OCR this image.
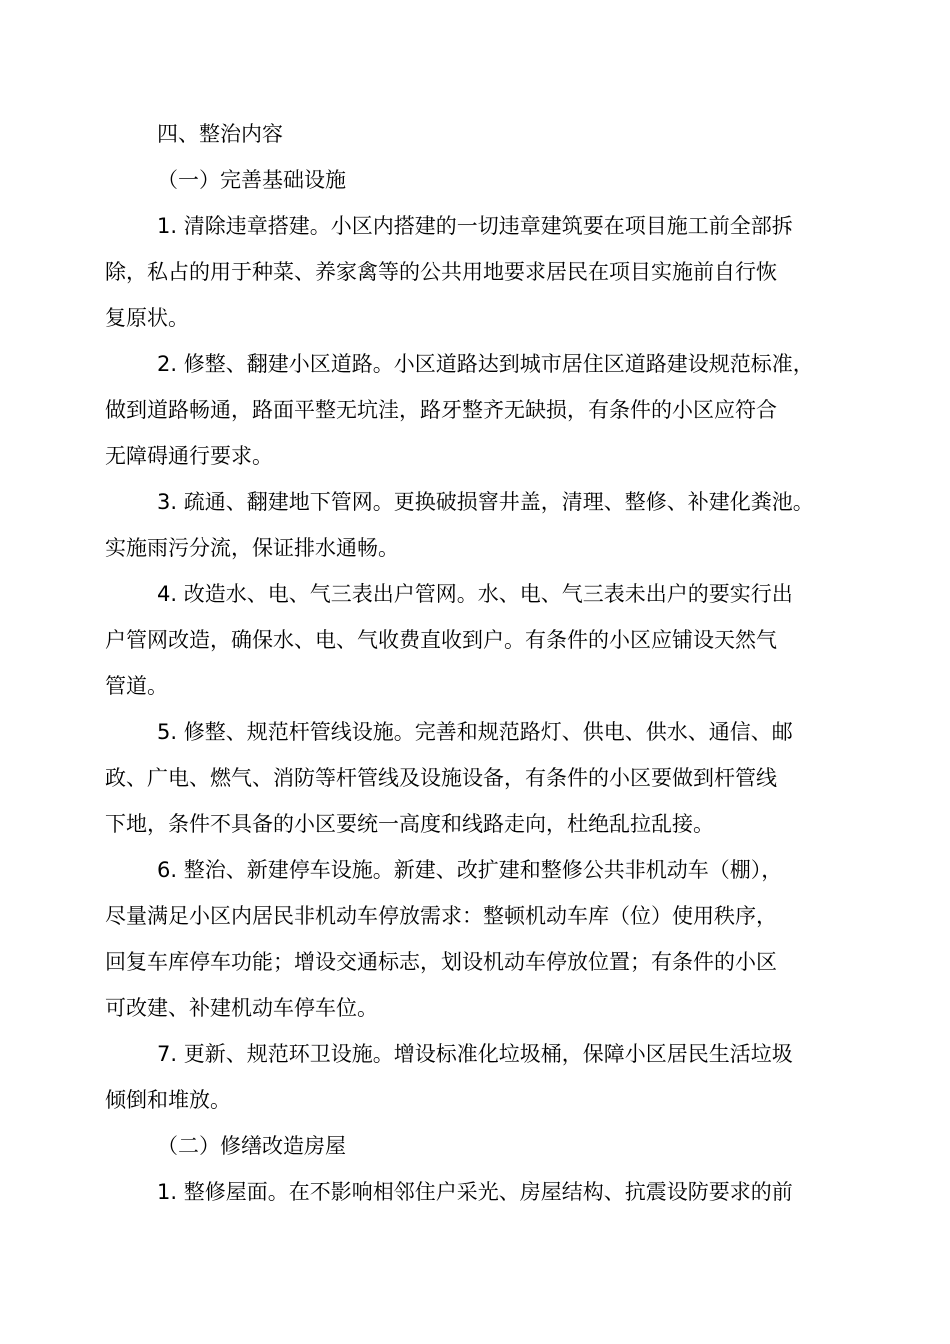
四、整治内容
（一）完善基础设施
1. 清除违章搭建。小区内搭建的一切违章建筑要在项目施工前全部拆
除，私占的用于种菜、养家禽等的公共用地要求居民在项目实施前自行恢
复原状。
2. 修整、翻建小区道路。小区道路达到城市居住区道路建设规范标准，
做到道路畅通，路面平整无坑洼，路牙整齐无缺损，有条件的小区应符合
无障碍通行要求。
3. 疏通、翻建地下管网。更换破损窨井盖，清理、整修、补建化粪池。
实施雨污分流，保证排水通畅。
4. 改造水、电、气三表出户管网。水、电、气三表未出户的要实行出
户管网改造，确保水、电、气收费直收到户。有条件的小区应铺设天然气
管道。
5. 修整、规范杆管线设施。完善和规范路灯、供电、供水、通信、邮
政、广电、燃气、消防等杆管线及设施设备，有条件的小区要做到杆管线
下地，条件不具备的小区要统一高度和线路走向，杜绝乱拉乱接。
6. 整治、新建停车设施。新建、改扩建和整修公共非机动车（棚），
尽量满足小区内居民非机动车停放需求：整顿机动车库（位）使用秩序，
回复车库停车功能；增设交通标志，划设机动车停放位置；有条件的小区
可改建、补建机动车停车位。
7. 更新、规范环卫设施。增设标准化垃圾桶，保障小区居民生活垃圾
倾倒和堆放。
（二）修缮改造房屋
1. 整修屋面。在不影响相邻住户采光、房屋结构、抗震设防要求的前
